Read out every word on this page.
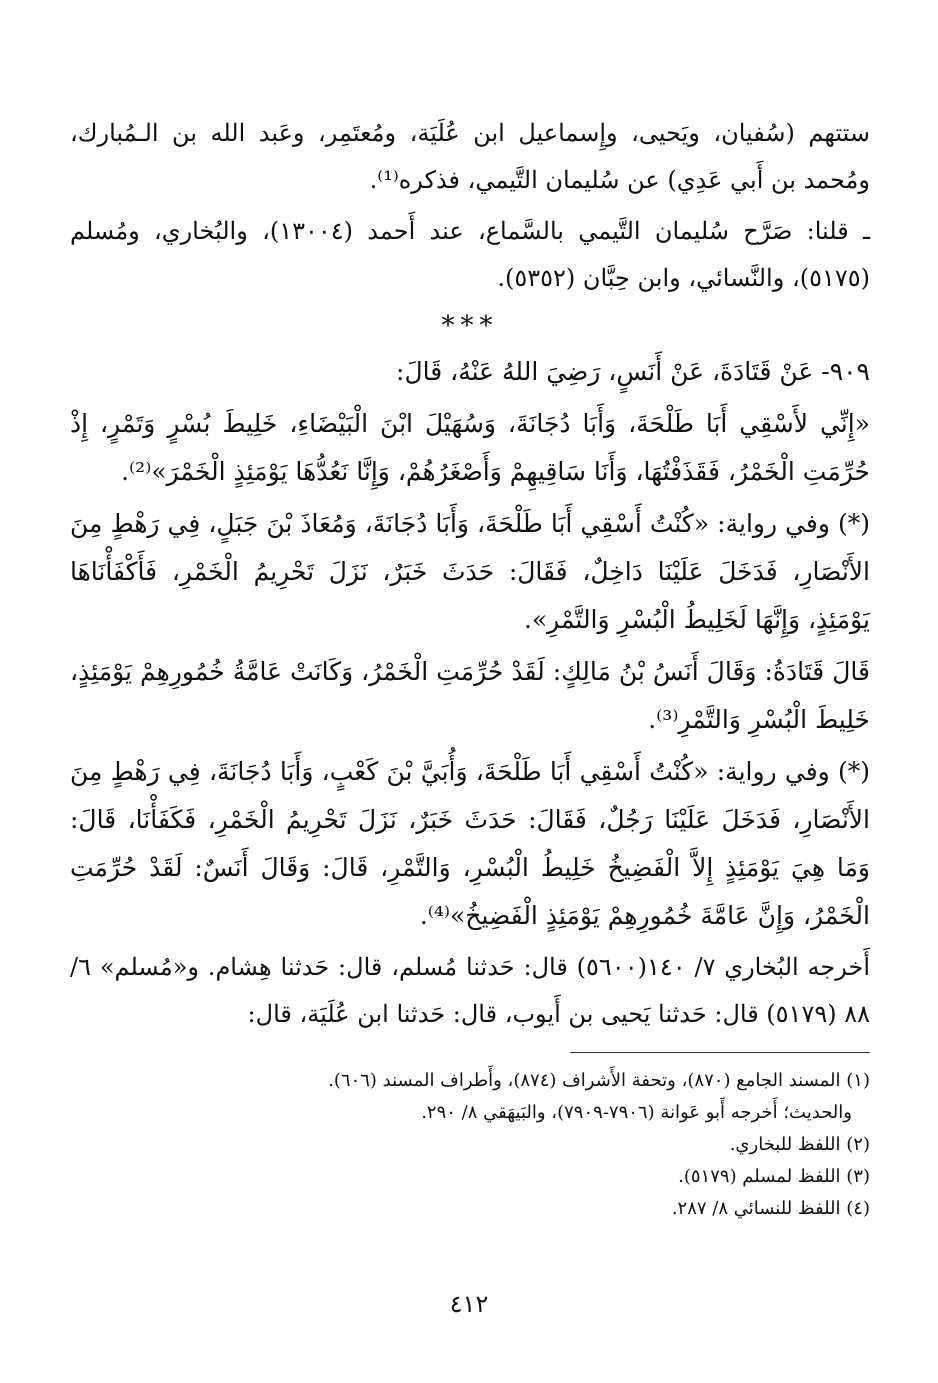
ستتهم (سُفيان، ويَحيى، وإِسماعيل ابن عُلَيَة، ومُعتَمِر، وعَبد الله بن الـمُبارك، ومُحمد بن أَبي عَدِي) عن سُليمان التَّيمي، فذكره⁽¹⁾.

ـ قلنا: صَرَّح سُليمان التَّيمي بالسَّماع، عند أَحمد (١٣٠٠٤)، والبُخاري، ومُسلم (٥١٧٥)، والنَّسائي، وابن حِبَّان (٥٣٥٢).

***

٩٠٩- عَنْ قَتَادَةَ، عَنْ أَنَسٍ، رَضِيَ اللهُ عَنْهُ، قَالَ:

«إِنِّي لأَسْقِي أَبَا طَلْحَةَ، وَأَبَا دُجَانَةَ، وَسُهَيْلَ ابْنَ الْبَيْضَاءِ، خَلِيطَ بُسْرٍ وَتَمْرٍ، إِذْ حُرِّمَتِ الْخَمْرُ، فَقَذَفْتُهَا، وَأَنَا سَاقِيهِمْ وَأَصْغَرُهُمْ، وَإِنَّا نَعُدُّهَا يَوْمَئِذٍ الْخَمْرَ»⁽²⁾.

(*) وفي رواية: «كُنْتُ أَسْقِي أَبَا طَلْحَةَ، وَأَبَا دُجَانَةَ، وَمُعَاذَ بْنَ جَبَلٍ، فِي رَهْطٍ مِنَ الأَنْصَارِ، فَدَخَلَ عَلَيْنَا دَاخِلٌ، فَقَالَ: حَدَثَ خَبَرٌ، نَزَلَ تَحْرِيمُ الْخَمْرِ، فَأَكْفَأْنَاهَا يَوْمَئِذٍ، وَإِنَّهَا لَخَلِيطُ الْبُسْرِ وَالتَّمْرِ».

قَالَ قَتَادَةُ: وَقَالَ أَنَسُ بْنُ مَالِكٍ: لَقَدْ حُرِّمَتِ الْخَمْرُ، وَكَانَتْ عَامَّةُ خُمُورِهِمْ يَوْمَئِذٍ، خَلِيطَ الْبُسْرِ وَالتَّمْرِ⁽³⁾.

(*) وفي رواية: «كُنْتُ أَسْقِي أَبَا طَلْحَةَ، وَأُبَيَّ بْنَ كَعْبٍ، وَأَبَا دُجَانَةَ، فِي رَهْطٍ مِنَ الأَنْصَارِ، فَدَخَلَ عَلَيْنَا رَجُلٌ، فَقَالَ: حَدَثَ خَبَرٌ، نَزَلَ تَحْرِيمُ الْخَمْرِ، فَكَفَأْنَا، قَالَ: وَمَا هِيَ يَوْمَئِذٍ إِلاَّ الْفَضِيخُ خَلِيطُ الْبُسْرِ، وَالتَّمْرِ، قَالَ: وَقَالَ أَنَسٌ: لَقَدْ حُرِّمَتِ الْخَمْرُ، وَإِنَّ عَامَّةَ خُمُورِهِمْ يَوْمَئِذٍ الْفَضِيخُ»⁽⁴⁾.

أَخرجه البُخاري ٧/ ١٤٠(٥٦٠٠) قال: حَدثنا مُسلم، قال: حَدثنا هِشام. و«مُسلم» ٦/ ٨٨ (٥١٧٩) قال: حَدثنا يَحيى بن أَيوب، قال: حَدثنا ابن عُلَيَة، قال:

(١) المسند الجامع (٨٧٠)، وتحفة الأَشراف (٨٧٤)، وأَطراف المسند (٦٠٦).

والحديث؛ أَخرجه أَبو عَوانة (٧٩٠٦-٧٩٠٩)، والبَيهَقي ٨/ ٢٩٠.

(٢) اللفظ للبخاري.

(٣) اللفظ لمسلم (٥١٧٩).

(٤) اللفظ للنسائي ٨/ ٢٨٧.

٤١٢
